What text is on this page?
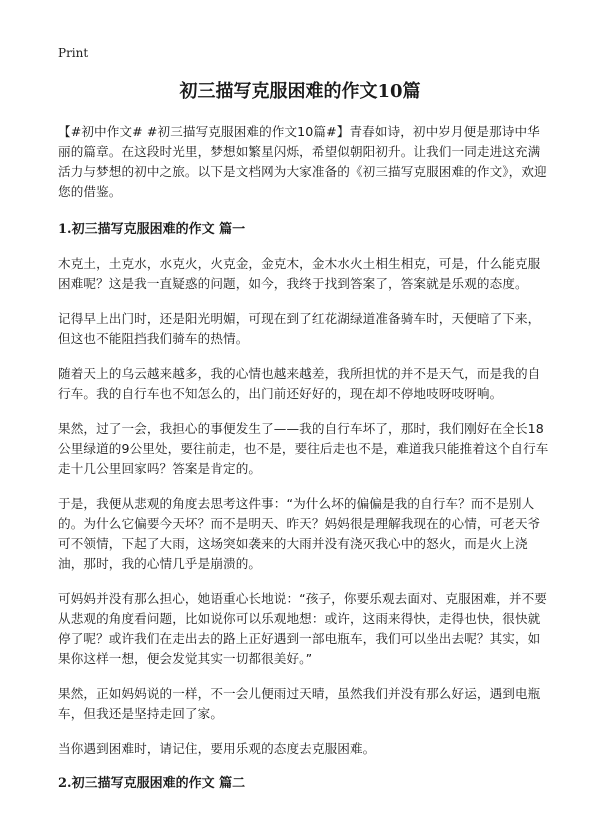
Print
初三描写克服困难的作文10篇

【#初中作文# #初三描写克服困难的作文10篇#】青春如诗，初中岁月便是那诗中华丽的篇章。在这段时光里，梦想如繁星闪烁，希望似朝阳初升。让我们一同走进这充满活力与梦想的初中之旅。以下是文档网为大家准备的《初三描写克服困难的作文》，欢迎您的借鉴。

1.初三描写克服困难的作文 篇一

木克土，土克水，水克火，火克金，金克木，金木水火土相生相克，可是，什么能克服困难呢？这是我一直疑惑的问题，如今，我终于找到答案了，答案就是乐观的态度。

记得早上出门时，还是阳光明媚，可现在到了红花湖绿道准备骑车时，天便暗了下来，但这也不能阻挡我们骑车的热情。

随着天上的乌云越来越多，我的心情也越来越差，我所担忧的并不是天气，而是我的自行车。我的自行车也不知怎么的，出门前还好好的，现在却不停地吱呀吱呀响。

果然，过了一会，我担心的事便发生了——我的自行车坏了，那时，我们刚好在全长18公里绿道的9公里处，要往前走，也不是，要往后走也不是，难道我只能推着这个自行车走十几公里回家吗？答案是肯定的。

于是，我便从悲观的角度去思考这件事：“为什么坏的偏偏是我的自行车？而不是别人的。为什么它偏要今天坏？而不是明天、昨天？妈妈很是理解我现在的心情，可老天爷可不领情，下起了大雨，这场突如袭来的大雨并没有浇灭我心中的怒火，而是火上浇油，那时，我的心情几乎是崩溃的。

可妈妈并没有那么担心，她语重心长地说：“孩子，你要乐观去面对、克服困难，并不要从悲观的角度看问题，比如说你可以乐观地想：或许，这雨来得快，走得也快，很快就停了呢？或许我们在走出去的路上正好遇到一部电瓶车，我们可以坐出去呢？其实，如果你这样一想，便会发觉其实一切都很美好。”

果然，正如妈妈说的一样，不一会儿便雨过天晴，虽然我们并没有那么好运，遇到电瓶车，但我还是坚持走回了家。

当你遇到困难时，请记住，要用乐观的态度去克服困难。

2.初三描写克服困难的作文 篇二
